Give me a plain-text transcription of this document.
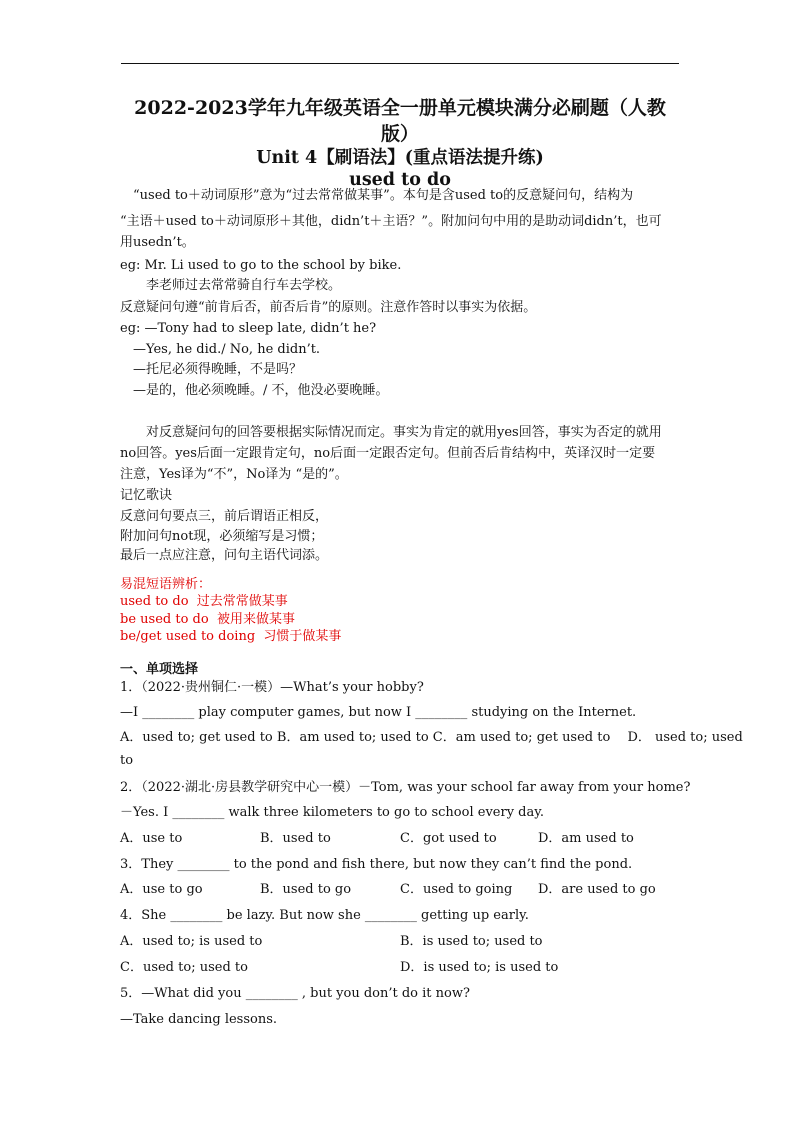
2022-2023学年九年级英语全一册单元模块满分必刷题（人教
版）
Unit 4【刷语法】(重点语法提升练)
used to do
　“used to＋动词原形”意为“过去常常做某事”。本句是含used to的反意疑问句，结构为
“主语＋used to＋动词原形＋其他，didn’t＋主语？”。附加问句中用的是助动词didn’t，也可
用usedn’t。
eg: Mr. Li used to go to the school by bike.
　　李老师过去常常骑自行车去学校。
反意疑问句遵“前肯后否，前否后肯”的原则。注意作答时以事实为依据。
eg: —Tony had to sleep late, didn’t he?
　—Yes, he did./ No, he didn’t.
　—托尼必须得晚睡，不是吗？
　—是的，他必须晚睡。/ 不，他没必要晚睡。
　　对反意疑问句的回答要根据实际情况而定。事实为肯定的就用yes回答，事实为否定的就用
no回答。yes后面一定跟肯定句，no后面一定跟否定句。但前否后肯结构中，英译汉时一定要
注意，Yes译为“不”，No译为 “是的”。
记忆歌诀
反意问句要点三，前后谓语正相反，
附加问句not现，必须缩写是习惯；
最后一点应注意，问句主语代词添。
易混短语辨析：
used to do 过去常常做某事
be used to do 被用来做某事
be/get used to doing 习惯于做某事
一、单项选择
1．（2022·贵州铜仁·一模）—What’s your hobby?
—I ________ play computer games, but now I ________ studying on the Internet.
A．used to; get used to B．am used to; used to C．am used to; get used to　 D． used to; used
to
2．（2022·湖北·房县教学研究中心一模）－Tom, was your school far away from your home?
－Yes. I ________ walk three kilometers to go to school every day.
A．use to	B．used to	C．got used to	D．am used to
3．They ________ to the pond and fish there, but now they can’t find the pond.
A．use to go	B．used to go	C．used to going D．are used to go
4．She ________ be lazy. But now she ________ getting up early.
A．used to; is used to	B．is used to; used to
C．used to; used to	D．is used to; is used to
5．—What did you ________ , but you don’t do it now?
—Take dancing lessons.
